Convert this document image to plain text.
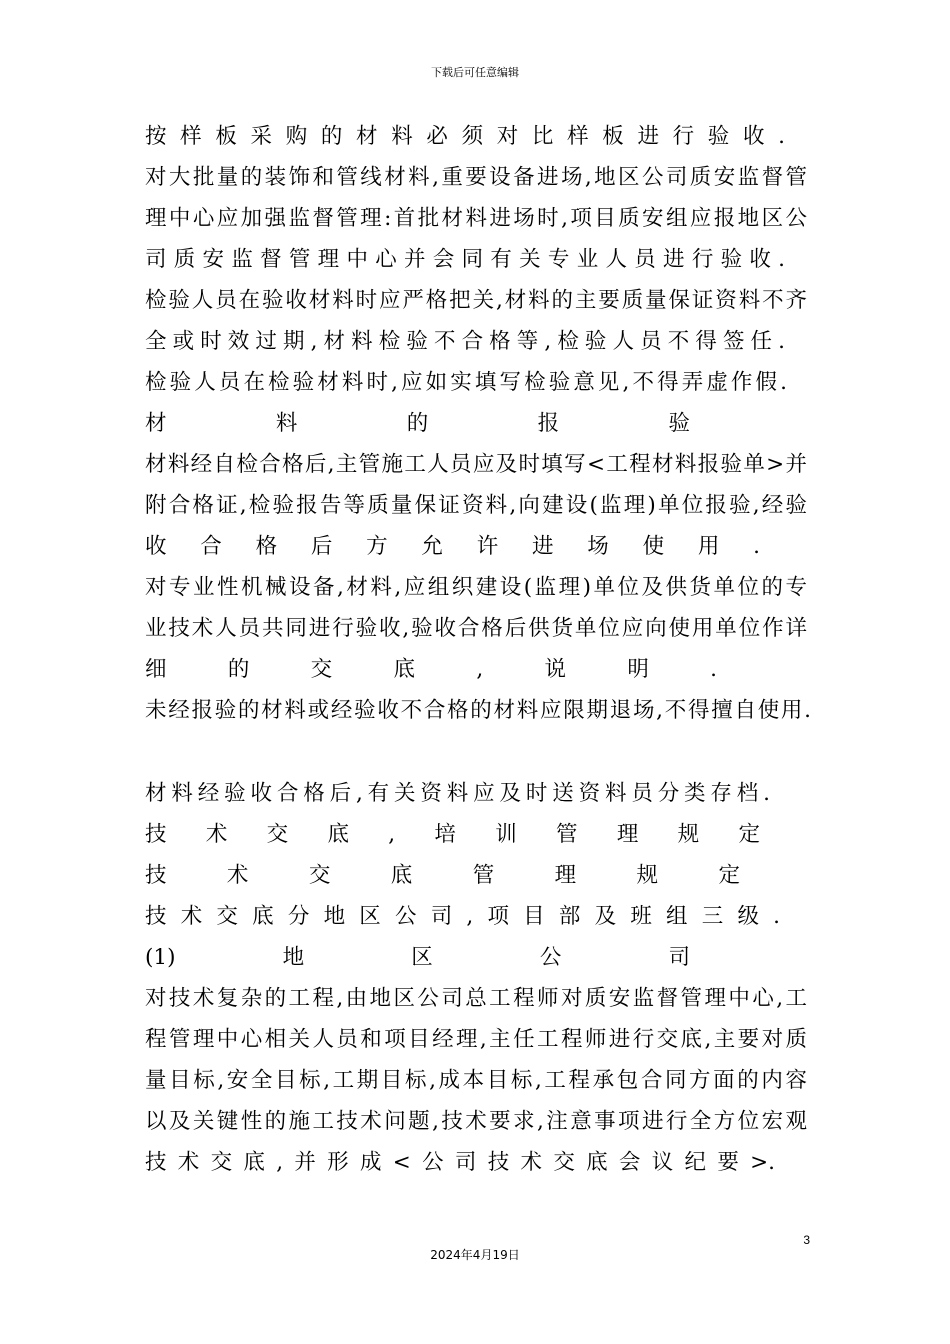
下载后可任意编辑
按样板采购的材料必须对比样板进行验收.
对大批量的装饰和管线材料,重要设备进场,地区公司质安监督管
理中心应加强监督管理:首批材料进场时,项目质安组应报地区公
司质安监督管理中心并会同有关专业人员进行验收.
检验人员在验收材料时应严格把关,材料的主要质量保证资料不齐
全或时效过期,材料检验不合格等,检验人员不得签任.
检验人员在检验材料时,应如实填写检验意见,不得弄虚作假.
材料的报验
材料经自检合格后,主管施工人员应及时填写<工程材料报验单>并
附合格证,检验报告等质量保证资料,向建设(监理)单位报验,经验
收合格后方允许进场使用.
对专业性机械设备,材料,应组织建设(监理)单位及供货单位的专
业技术人员共同进行验收,验收合格后供货单位应向使用单位作详
细的交底,说明.
未经报验的材料或经验收不合格的材料应限期退场,不得擅自使用.
材料经验收合格后,有关资料应及时送资料员分类存档.
技术交底,培训管理规定
技术交底管理规定
技术交底分地区公司,项目部及班组三级.
(1)地区公司
对技术复杂的工程,由地区公司总工程师对质安监督管理中心,工
程管理中心相关人员和项目经理,主任工程师进行交底,主要对质
量目标,安全目标,工期目标,成本目标,工程承包合同方面的内容
以及关键性的施工技术问题,技术要求,注意事项进行全方位宏观
技术交底,并形成<公司技术交底会议纪要>.
3
2024年4月19日
